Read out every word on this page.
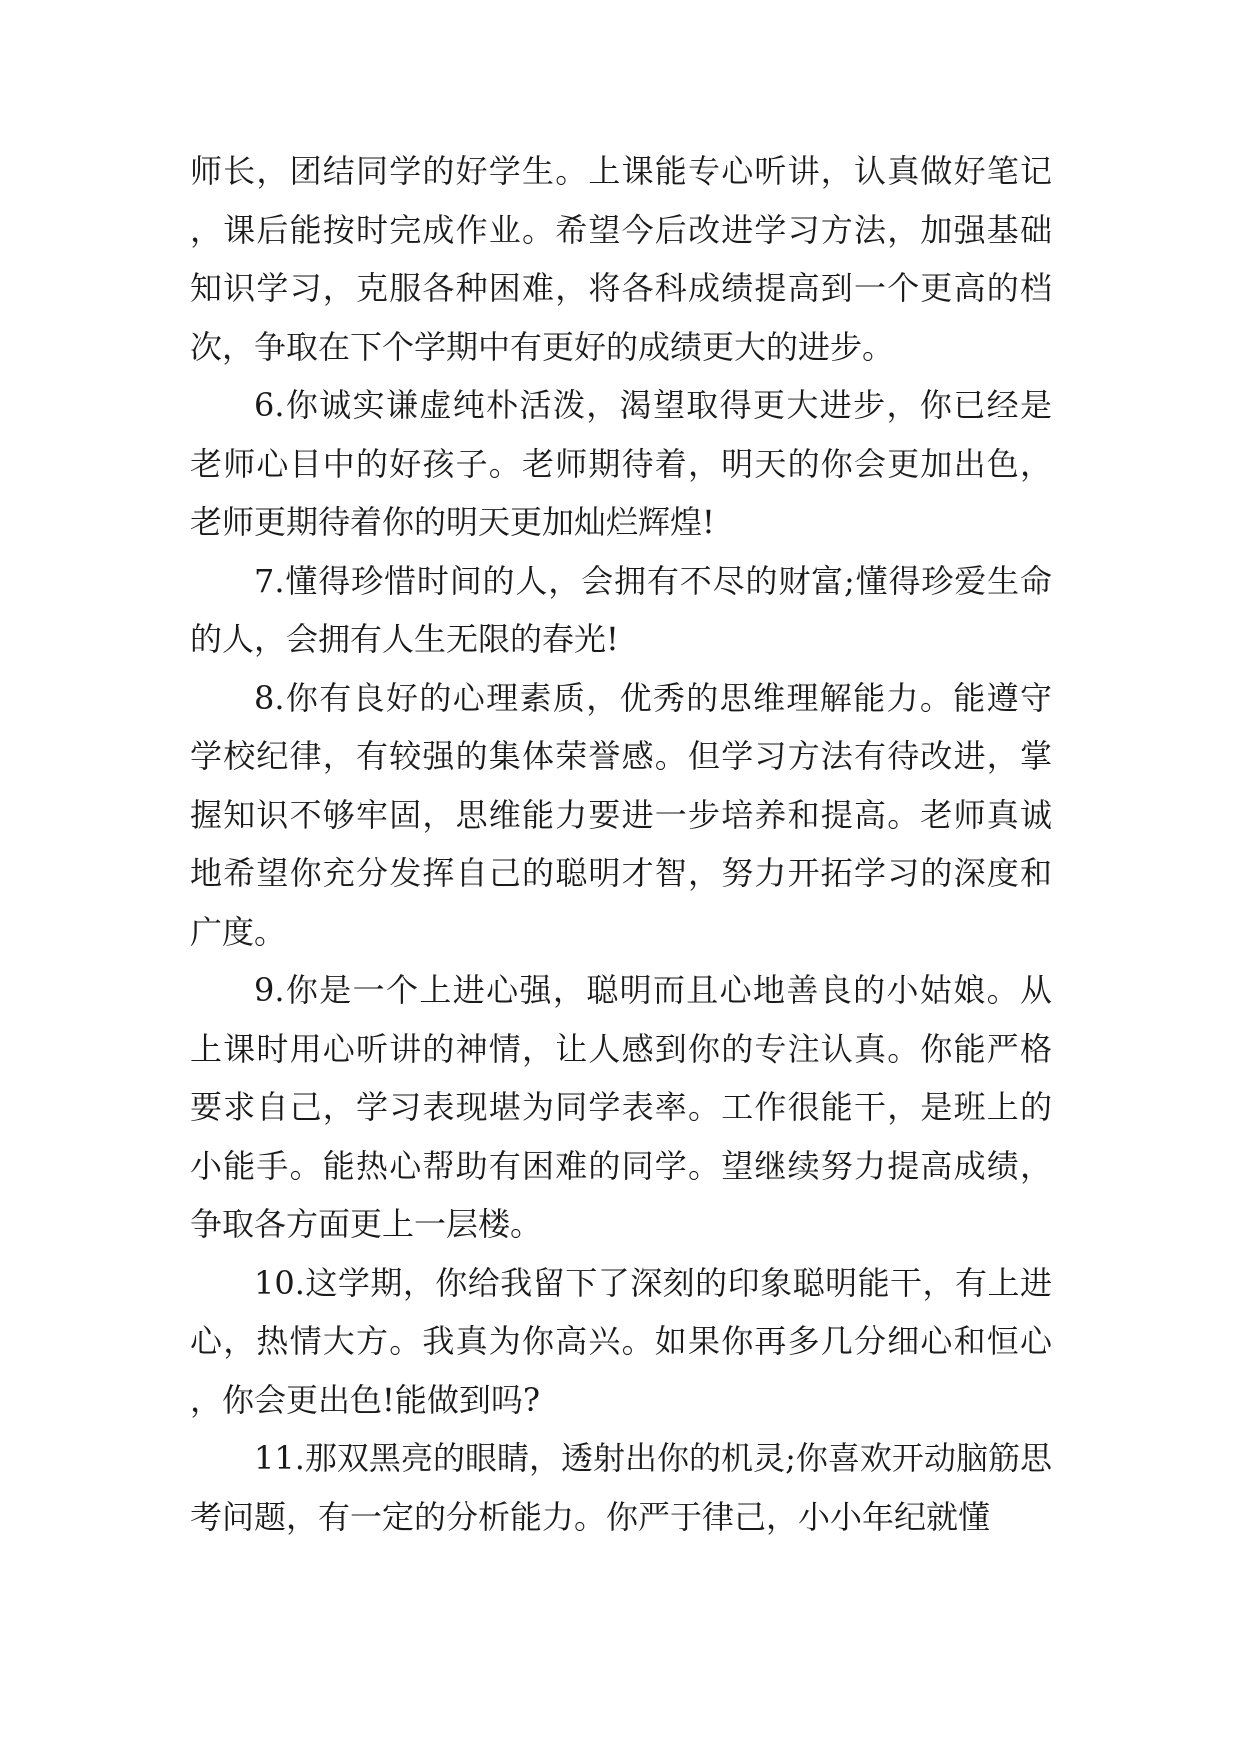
师长，团结同学的好学生。上课能专心听讲，认真做好笔记，课后能按时完成作业。希望今后改进学习方法，加强基础知识学习，克服各种困难，将各科成绩提高到一个更高的档次，争取在下个学期中有更好的成绩更大的进步。

6.你诚实谦虚纯朴活泼，渴望取得更大进步，你已经是老师心目中的好孩子。老师期待着，明天的你会更加出色，老师更期待着你的明天更加灿烂辉煌!

7.懂得珍惜时间的人，会拥有不尽的财富;懂得珍爱生命的人，会拥有人生无限的春光!

8.你有良好的心理素质，优秀的思维理解能力。能遵守学校纪律，有较强的集体荣誉感。但学习方法有待改进，掌握知识不够牢固，思维能力要进一步培养和提高。老师真诚地希望你充分发挥自己的聪明才智，努力开拓学习的深度和广度。

9.你是一个上进心强，聪明而且心地善良的小姑娘。从上课时用心听讲的神情，让人感到你的专注认真。你能严格要求自己，学习表现堪为同学表率。工作很能干，是班上的小能手。能热心帮助有困难的同学。望继续努力提高成绩，争取各方面更上一层楼。

10.这学期，你给我留下了深刻的印象聪明能干，有上进心，热情大方。我真为你高兴。如果你再多几分细心和恒心，你会更出色!能做到吗?

11.那双黑亮的眼睛，透射出你的机灵;你喜欢开动脑筋思考问题，有一定的分析能力。你严于律己，小小年纪就懂
